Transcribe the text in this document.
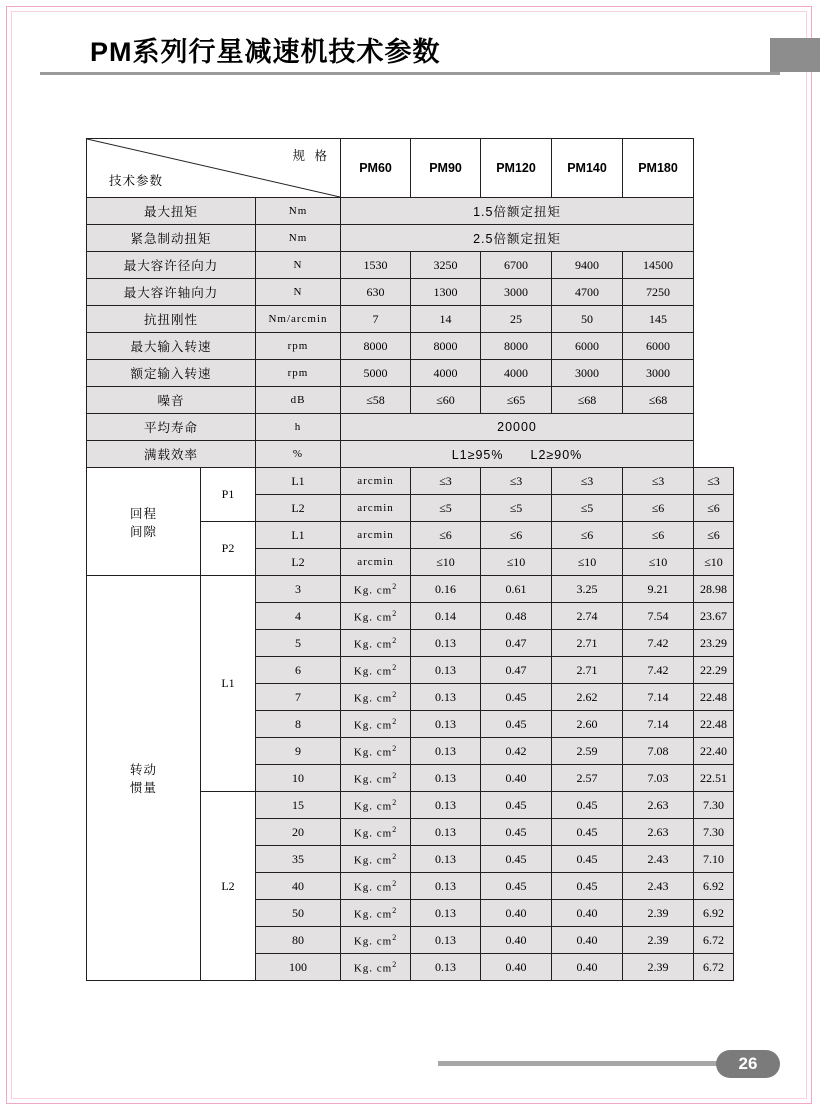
PM系列行星减速机技术参数
规 格
技术参数			PM60	PM90	PM120	PM140	PM180	
最大扭矩		Nm	1.5倍额定扭矩					
紧急制动扭矩		Nm	2.5倍额定扭矩					
最大容许径向力		N	1530	3250	6700	9400	14500	
最大容许轴向力		N	630	1300	3000	4700	7250	
抗扭刚性		Nm/arcmin	7	14	25	50	145	
最大输入转速		rpm	8000	8000	8000	6000	6000	
额定输入转速		rpm	5000	4000	4000	3000	3000	
噪音		dB	≤58	≤60	≤65	≤68	≤68	
平均寿命		h	20000					
满载效率		%	L1≥95%　　L2≥90%					
回程
间隙	P1	L1	arcmin	≤3	≤3	≤3	≤3	≤3
		L2	arcmin	≤5	≤5	≤5	≤6	≤6
	P2	L1	arcmin	≤6	≤6	≤6	≤6	≤6
		L2	arcmin	≤10	≤10	≤10	≤10	≤10
转动
惯量	L1	3	Kg. $cm^2$	0.16	0.61	3.25	9.21	28.98
		4	Kg. $cm^2$	0.14	0.48	2.74	7.54	23.67
		5	Kg. $cm^2$	0.13	0.47	2.71	7.42	23.29
		6	Kg. $cm^2$	0.13	0.47	2.71	7.42	22.29
		7	Kg. $cm^2$	0.13	0.45	2.62	7.14	22.48
		8	Kg. $cm^2$	0.13	0.45	2.60	7.14	22.48
		9	Kg. $cm^2$	0.13	0.42	2.59	7.08	22.40
		10	Kg. $cm^2$	0.13	0.40	2.57	7.03	22.51
	L2	15	Kg. $cm^2$	0.13	0.45	0.45	2.63	7.30
		20	Kg. $cm^2$	0.13	0.45	0.45	2.63	7.30
		35	Kg. $cm^2$	0.13	0.45	0.45	2.43	7.10
		40	Kg. $cm^2$	0.13	0.45	0.45	2.43	6.92
		50	Kg. $cm^2$	0.13	0.40	0.40	2.39	6.92
		80	Kg. $cm^2$	0.13	0.40	0.40	2.39	6.72
		100	Kg. $cm^2$	0.13	0.40	0.40	2.39	6.72
26
